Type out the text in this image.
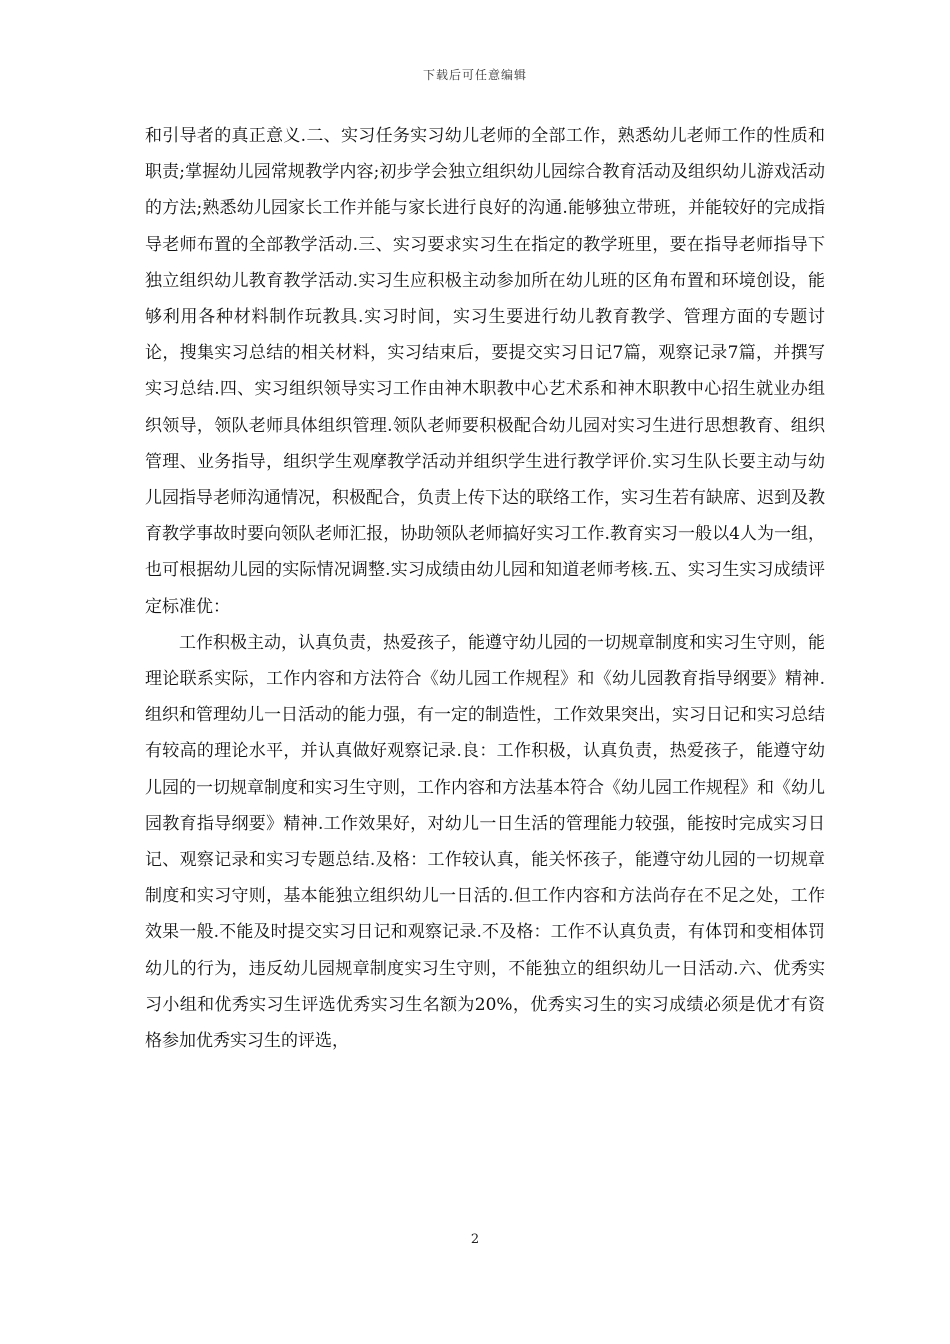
下载后可任意编辑

和引导者的真正意义.二、实习任务实习幼儿老师的全部工作，熟悉幼儿老师工作的性质和职责;掌握幼儿园常规教学内容;初步学会独立组织幼儿园综合教育活动及组织幼儿游戏活动的方法;熟悉幼儿园家长工作并能与家长进行良好的沟通.能够独立带班，并能较好的完成指导老师布置的全部教学活动.三、实习要求实习生在指定的教学班里，要在指导老师指导下独立组织幼儿教育教学活动.实习生应积极主动参加所在幼儿班的区角布置和环境创设，能够利用各种材料制作玩教具.实习时间，实习生要进行幼儿教育教学、管理方面的专题讨论，搜集实习总结的相关材料，实习结束后，要提交实习日记7篇，观察记录7篇，并撰写实习总结.四、实习组织领导实习工作由神木职教中心艺术系和神木职教中心招生就业办组织领导，领队老师具体组织管理.领队老师要积极配合幼儿园对实习生进行思想教育、组织管理、业务指导，组织学生观摩教学活动并组织学生进行教学评价.实习生队长要主动与幼儿园指导老师沟通情况，积极配合，负责上传下达的联络工作，实习生若有缺席、迟到及教育教学事故时要向领队老师汇报，协助领队老师搞好实习工作.教育实习一般以4人为一组，也可根据幼儿园的实际情况调整.实习成绩由幼儿园和知道老师考核.五、实习生实习成绩评定标准优：

工作积极主动，认真负责，热爱孩子，能遵守幼儿园的一切规章制度和实习生守则，能理论联系实际，工作内容和方法符合《幼儿园工作规程》和《幼儿园教育指导纲要》精神.组织和管理幼儿一日活动的能力强，有一定的制造性，工作效果突出，实习日记和实习总结有较高的理论水平，并认真做好观察记录.良：工作积极，认真负责，热爱孩子，能遵守幼儿园的一切规章制度和实习生守则，工作内容和方法基本符合《幼儿园工作规程》和《幼儿园教育指导纲要》精神.工作效果好，对幼儿一日生活的管理能力较强，能按时完成实习日记、观察记录和实习专题总结.及格：工作较认真，能关怀孩子，能遵守幼儿园的一切规章制度和实习守则，基本能独立组织幼儿一日活的.但工作内容和方法尚存在不足之处，工作效果一般.不能及时提交实习日记和观察记录.不及格：工作不认真负责，有体罚和变相体罚幼儿的行为，违反幼儿园规章制度实习生守则，不能独立的组织幼儿一日活动.六、优秀实习小组和优秀实习生评选优秀实习生名额为20%，优秀实习生的实习成绩必须是优才有资格参加优秀实习生的评选，

2
